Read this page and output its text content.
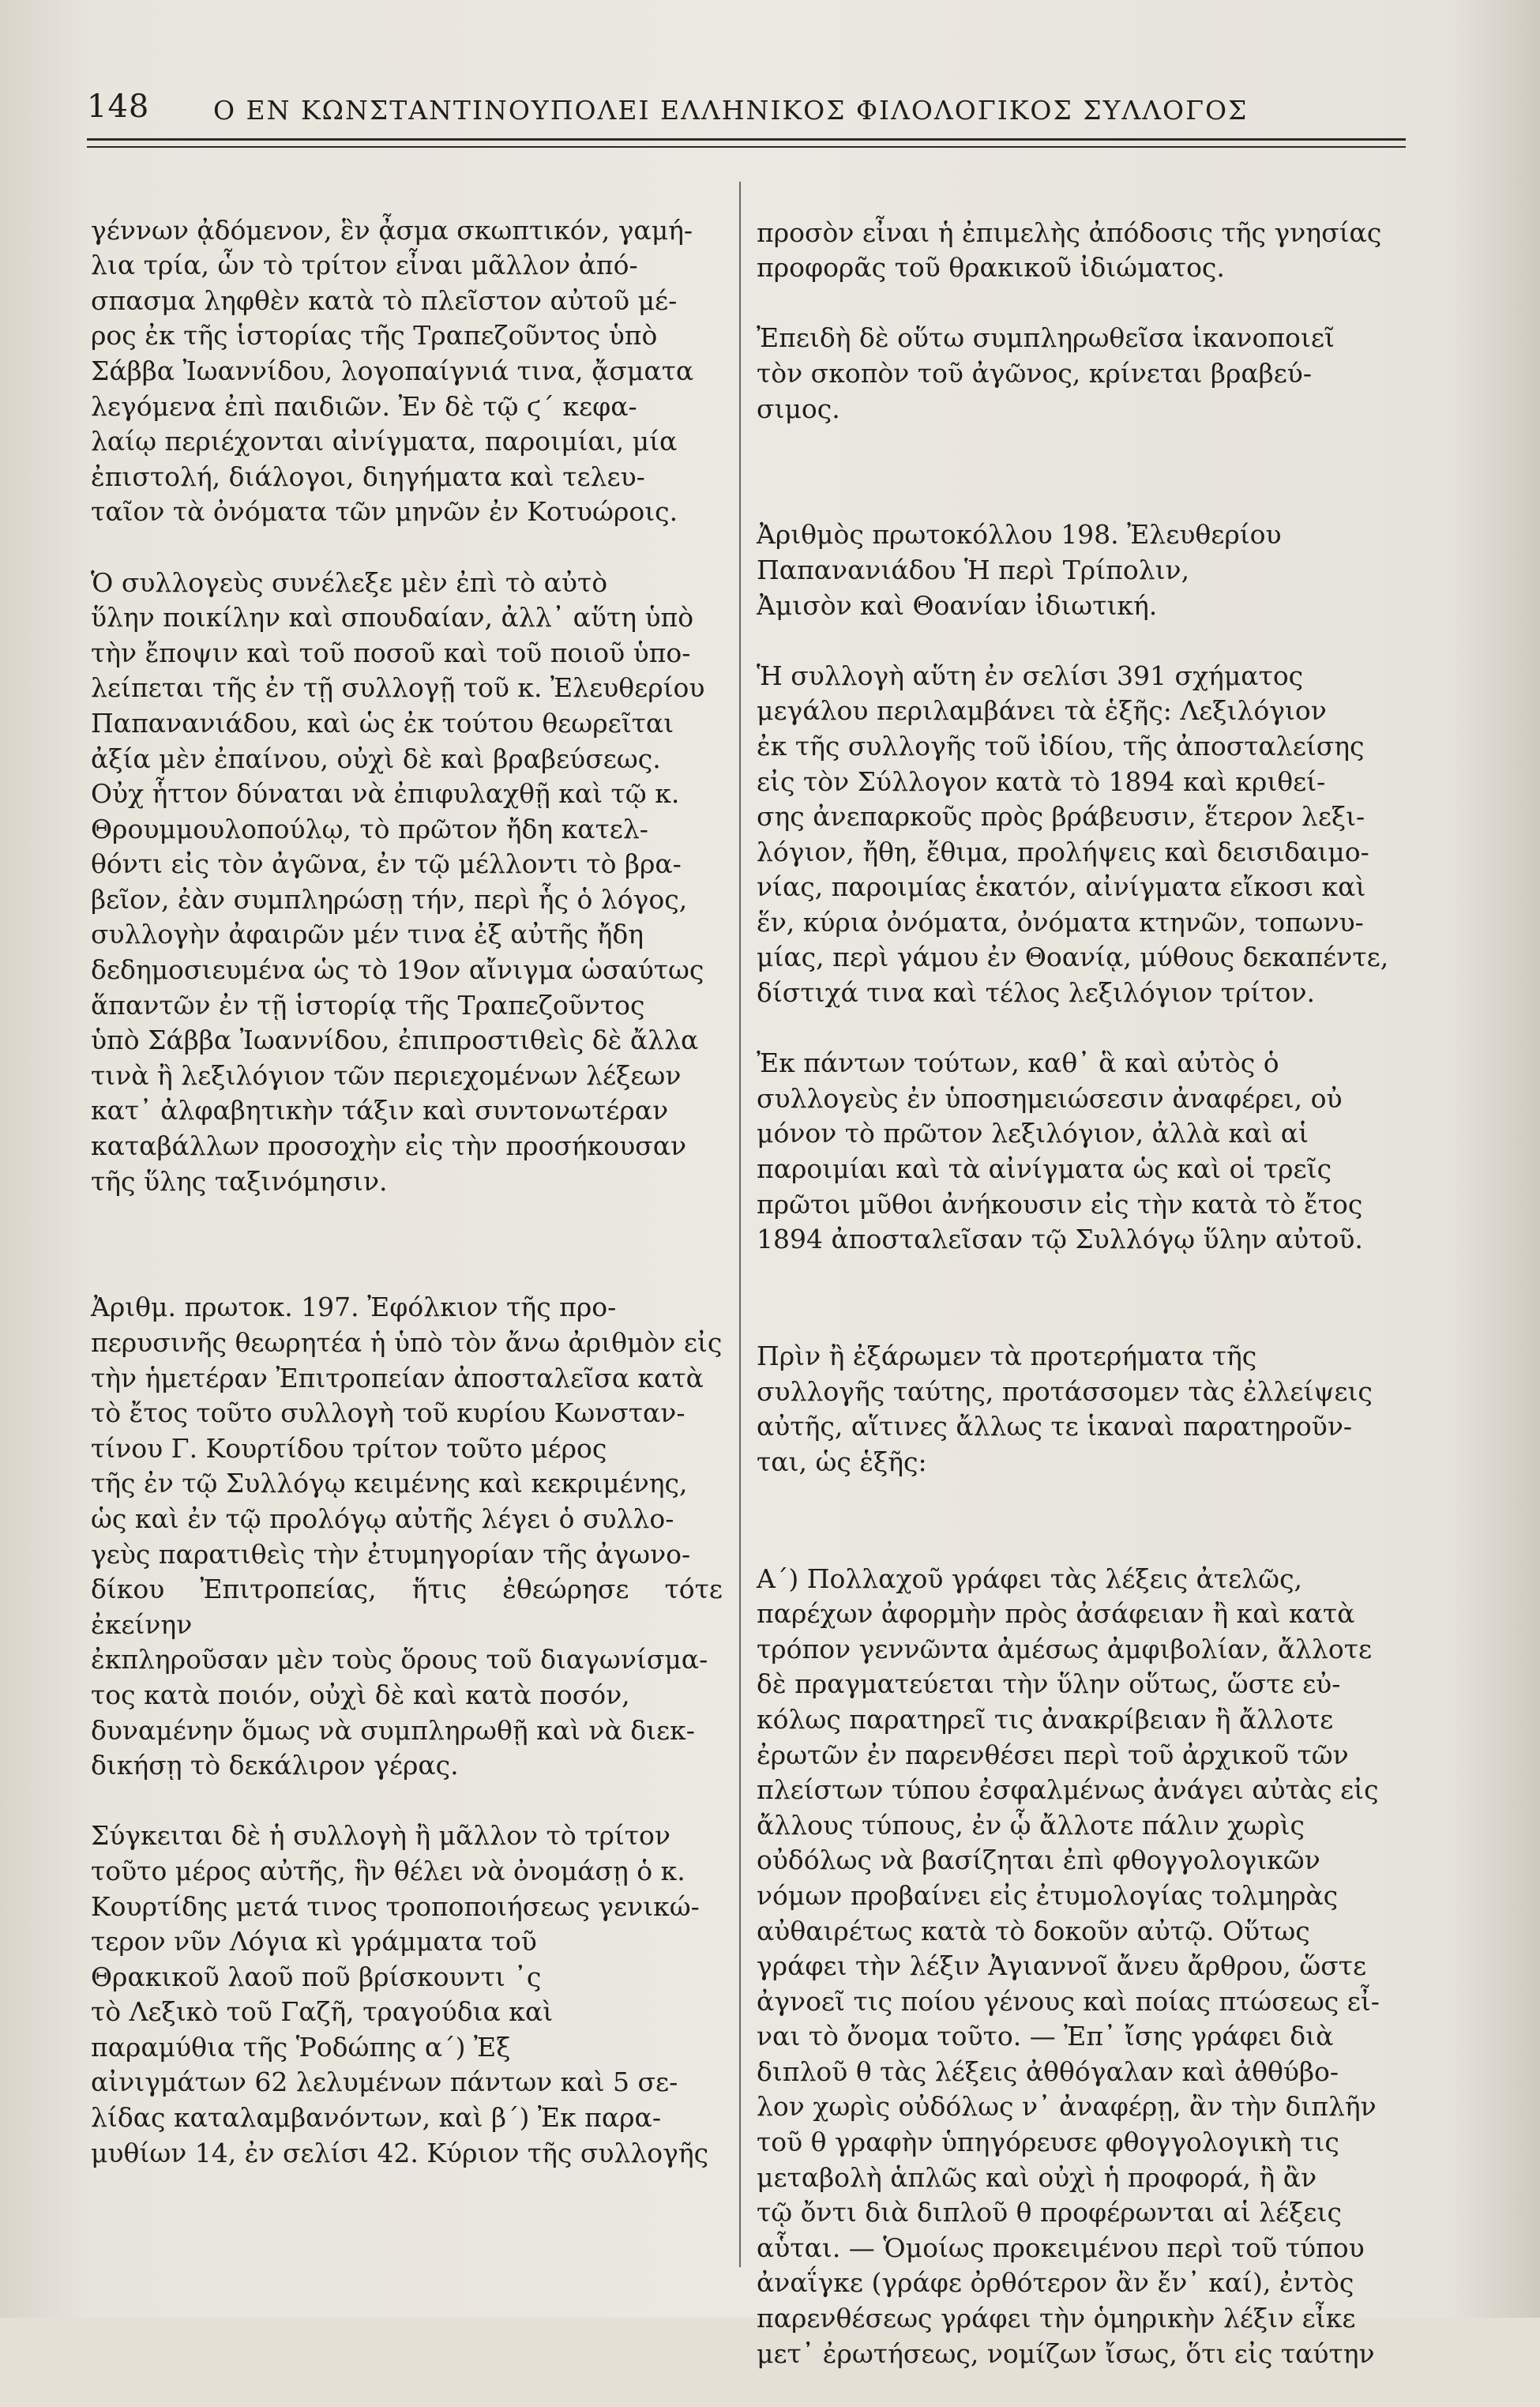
148 Ο ΕΝ ΚΩΝΣΤΑΝΤΙΝΟΥΠΟΛΕΙ ΕΛΛΗΝΙΚΟΣ ΦΙΛΟΛΟΓΙΚΟΣ ΣΥΛΛΟΓΟΣ

γέννων ᾀδόμενον, ἓν ᾆσμα σκωπτικόν, γαμή-
λια τρία, ὧν τὸ τρίτον εἶναι μᾶλλον ἀπό-
σπασμα ληφθὲν κατὰ τὸ πλεῖστον αὐτοῦ μέ-
ρος ἐκ τῆς ἱστορίας τῆς Τραπεζοῦντος ὑπὸ
Σάββα Ἰωαννίδου, λογοπαίγνιά τινα, ᾄσματα
λεγόμενα ἐπὶ παιδιῶν. Ἐν δὲ τῷ ϛ΄ κεφα-
λαίῳ περιέχονται αἰνίγματα, παροιμίαι, μία
ἐπιστολή, διάλογοι, διηγήματα καὶ τελευ-
ταῖον τὰ ὀνόματα τῶν μηνῶν ἐν Κοτυώροις.

Ὁ συλλογεὺς συνέλεξε μὲν ἐπὶ τὸ αὐτὸ
ὕλην ποικίλην καὶ σπουδαίαν, ἀλλ᾽ αὕτη ὑπὸ
τὴν ἔποψιν καὶ τοῦ ποσοῦ καὶ τοῦ ποιοῦ ὑπο-
λείπεται τῆς ἐν τῇ συλλογῇ τοῦ κ. Ἐλευθερίου
Παπανανιάδου, καὶ ὡς ἐκ τούτου θεωρεῖται
ἀξία μὲν ἐπαίνου, οὐχὶ δὲ καὶ βραβεύσεως.
Οὐχ ἧττον δύναται νὰ ἐπιφυλαχθῇ καὶ τῷ κ.
Θρουμμουλοπούλῳ, τὸ πρῶτον ἤδη κατελ-
θόντι εἰς τὸν ἀγῶνα, ἐν τῷ μέλλοντι τὸ βρα-
βεῖον, ἐὰν συμπληρώσῃ τήν, περὶ ἧς ὁ λόγος,
συλλογὴν ἀφαιρῶν μέν τινα ἐξ αὐτῆς ἤδη
δεδημοσιευμένα ὡς τὸ 19ον αἴνιγμα ὡσαύτως
ἅπαντῶν ἐν τῇ ἱστορίᾳ τῆς Τραπεζοῦντος
ὑπὸ Σάββα Ἰωαννίδου, ἐπιπροστιθεὶς δὲ ἄλλα
τινὰ ἢ λεξιλόγιον τῶν περιεχομένων λέξεων
κατ᾽ ἀλφαβητικὴν τάξιν καὶ συντονωτέραν
καταβάλλων προσοχὴν εἰς τὴν προσήκουσαν
τῆς ὕλης ταξινόμησιν.

Ἀριθμ. πρωτοκ. 197. Ἐφόλκιον τῆς προ-
περυσινῆς θεωρητέα ἡ ὑπὸ τὸν ἄνω ἀριθμὸν εἰς
τὴν ἡμετέραν Ἐπιτροπείαν ἀποσταλεῖσα κατὰ
τὸ ἔτος τοῦτο συλλογὴ τοῦ κυρίου Κωνσταν-
τίνου Γ. Κουρτίδου τρίτον τοῦτο μέρος
τῆς ἐν τῷ Συλλόγῳ κειμένης καὶ κεκριμένης,
ὡς καὶ ἐν τῷ προλόγῳ αὐτῆς λέγει ὁ συλλο-
γεὺς παρατιθεὶς τὴν ἐτυμηγορίαν τῆς ἀγωνο-
δίκου Ἐπιτροπείας, ἥτις ἐθεώρησε τότε ἐκείνην
ἐκπληροῦσαν μὲν τοὺς ὅρους τοῦ διαγωνίσμα-
τος κατὰ ποιόν, οὐχὶ δὲ καὶ κατὰ ποσόν,
δυναμένην ὅμως νὰ συμπληρωθῇ καὶ νὰ διεκ-
δικήσῃ τὸ δεκάλιρον γέρας.

Σύγκειται δὲ ἡ συλλογὴ ἢ μᾶλλον τὸ τρίτον
τοῦτο μέρος αὐτῆς, ἣν θέλει νὰ ὀνομάσῃ ὁ κ.
Κουρτίδης μετά τινος τροποποιήσεως γενικώ-
τερον νῦν Λόγια κὶ γράμματα τοῦ
Θρακικοῦ λαοῦ ποῦ βρίσκουντι ᾽ς
τὸ Λεξικὸ τοῦ Γαζῆ, τραγούδια καὶ
παραμύθια τῆς Ῥοδώπης α΄) Ἐξ
αἰνιγμάτων 62 λελυμένων πάντων καὶ 5 σε-
λίδας καταλαμβανόντων, καὶ β΄) Ἐκ παρα-
μυθίων 14, ἐν σελίσι 42. Κύριον τῆς συλλογῆς

προσὸν εἶναι ἡ ἐπιμελὴς ἀπόδοσις τῆς γνησίας
προφορᾶς τοῦ θρακικοῦ ἰδιώματος.

Ἐπειδὴ δὲ οὕτω συμπληρωθεῖσα ἱκανοποιεῖ
τὸν σκοπὸν τοῦ ἀγῶνος, κρίνεται βραβεύ-
σιμος.

Ἀριθμὸς πρωτοκόλλου 198. Ἐλευθερίου
Παπανανιάδου Ἡ περὶ Τρίπολιν,
Ἀμισὸν καὶ Θοανίαν ἰδιωτική.

Ἡ συλλογὴ αὕτη ἐν σελίσι 391 σχήματος
μεγάλου περιλαμβάνει τὰ ἑξῆς: Λεξιλόγιον
ἐκ τῆς συλλογῆς τοῦ ἰδίου, τῆς ἀποσταλείσης
εἰς τὸν Σύλλογον κατὰ τὸ 1894 καὶ κριθεί-
σης ἀνεπαρκοῦς πρὸς βράβευσιν, ἕτερον λεξι-
λόγιον, ἤθη, ἔθιμα, προλήψεις καὶ δεισιδαιμο-
νίας, παροιμίας ἑκατόν, αἰνίγματα εἴκοσι καὶ
ἕν, κύρια ὀνόματα, ὀνόματα κτηνῶν, τοπωνυ-
μίας, περὶ γάμου ἐν Θοανίᾳ, μύθους δεκαπέντε,
δίστιχά τινα καὶ τέλος λεξιλόγιον τρίτον.

Ἐκ πάντων τούτων, καθ᾽ ἃ καὶ αὐτὸς ὁ
συλλογεὺς ἐν ὑποσημειώσεσιν ἀναφέρει, οὐ
μόνον τὸ πρῶτον λεξιλόγιον, ἀλλὰ καὶ αἱ
παροιμίαι καὶ τὰ αἰνίγματα ὡς καὶ οἱ τρεῖς
πρῶτοι μῦθοι ἀνήκουσιν εἰς τὴν κατὰ τὸ ἔτος
1894 ἀποσταλεῖσαν τῷ Συλλόγῳ ὕλην αὐτοῦ.

Πρὶν ἢ ἐξάρωμεν τὰ προτερήματα τῆς
συλλογῆς ταύτης, προτάσσομεν τὰς ἐλλείψεις
αὐτῆς, αἵτινες ἄλλως τε ἱκαναὶ παρατηροῦν-
ται, ὡς ἑξῆς:

Α΄) Πολλαχοῦ γράφει τὰς λέξεις ἀτελῶς,
παρέχων ἀφορμὴν πρὸς ἀσάφειαν ἢ καὶ κατὰ
τρόπον γεννῶντα ἀμέσως ἀμφιβολίαν, ἄλλοτε
δὲ πραγματεύεται τὴν ὕλην οὕτως, ὥστε εὐ-
κόλως παρατηρεῖ τις ἀνακρίβειαν ἢ ἄλλοτε
ἐρωτῶν ἐν παρενθέσει περὶ τοῦ ἀρχικοῦ τῶν
πλείστων τύπου ἐσφαλμένως ἀνάγει αὐτὰς εἰς
ἄλλους τύπους, ἐν ᾧ ἄλλοτε πάλιν χωρὶς
οὐδόλως νὰ βασίζηται ἐπὶ φθογγολογικῶν
νόμων προβαίνει εἰς ἐτυμολογίας τολμηρὰς
αὐθαιρέτως κατὰ τὸ δοκοῦν αὐτῷ. Οὕτως
γράφει τὴν λέξιν Ἀγιαννοῖ ἄνευ ἄρθρου, ὥστε
ἀγνοεῖ τις ποίου γένους καὶ ποίας πτώσεως εἶ-
ναι τὸ ὄνομα τοῦτο. — Ἐπ᾽ ἴσης γράφει διὰ
διπλοῦ θ τὰς λέξεις ἀθθόγαλαν καὶ ἀθθύβο-
λον χωρὶς οὐδόλως ν᾽ ἀναφέρῃ, ἂν τὴν διπλῆν
τοῦ θ γραφὴν ὑπηγόρευσε φθογγολογικὴ τις
μεταβολὴ ἁπλῶς καὶ οὐχὶ ἡ προφορά, ἢ ἂν
τῷ ὄντι διὰ διπλοῦ θ προφέρωνται αἱ λέξεις
αὗται. — Ὁμοίως προκειμένου περὶ τοῦ τύπου
ἀναΐγκε (γράφε ὀρθότερον ἂν ἔν᾽ καί), ἐντὸς
παρενθέσεως γράφει τὴν ὁμηρικὴν λέξιν εἶκε
μετ᾽ ἐρωτήσεως, νομίζων ἴσως, ὅτι εἰς ταύτην
